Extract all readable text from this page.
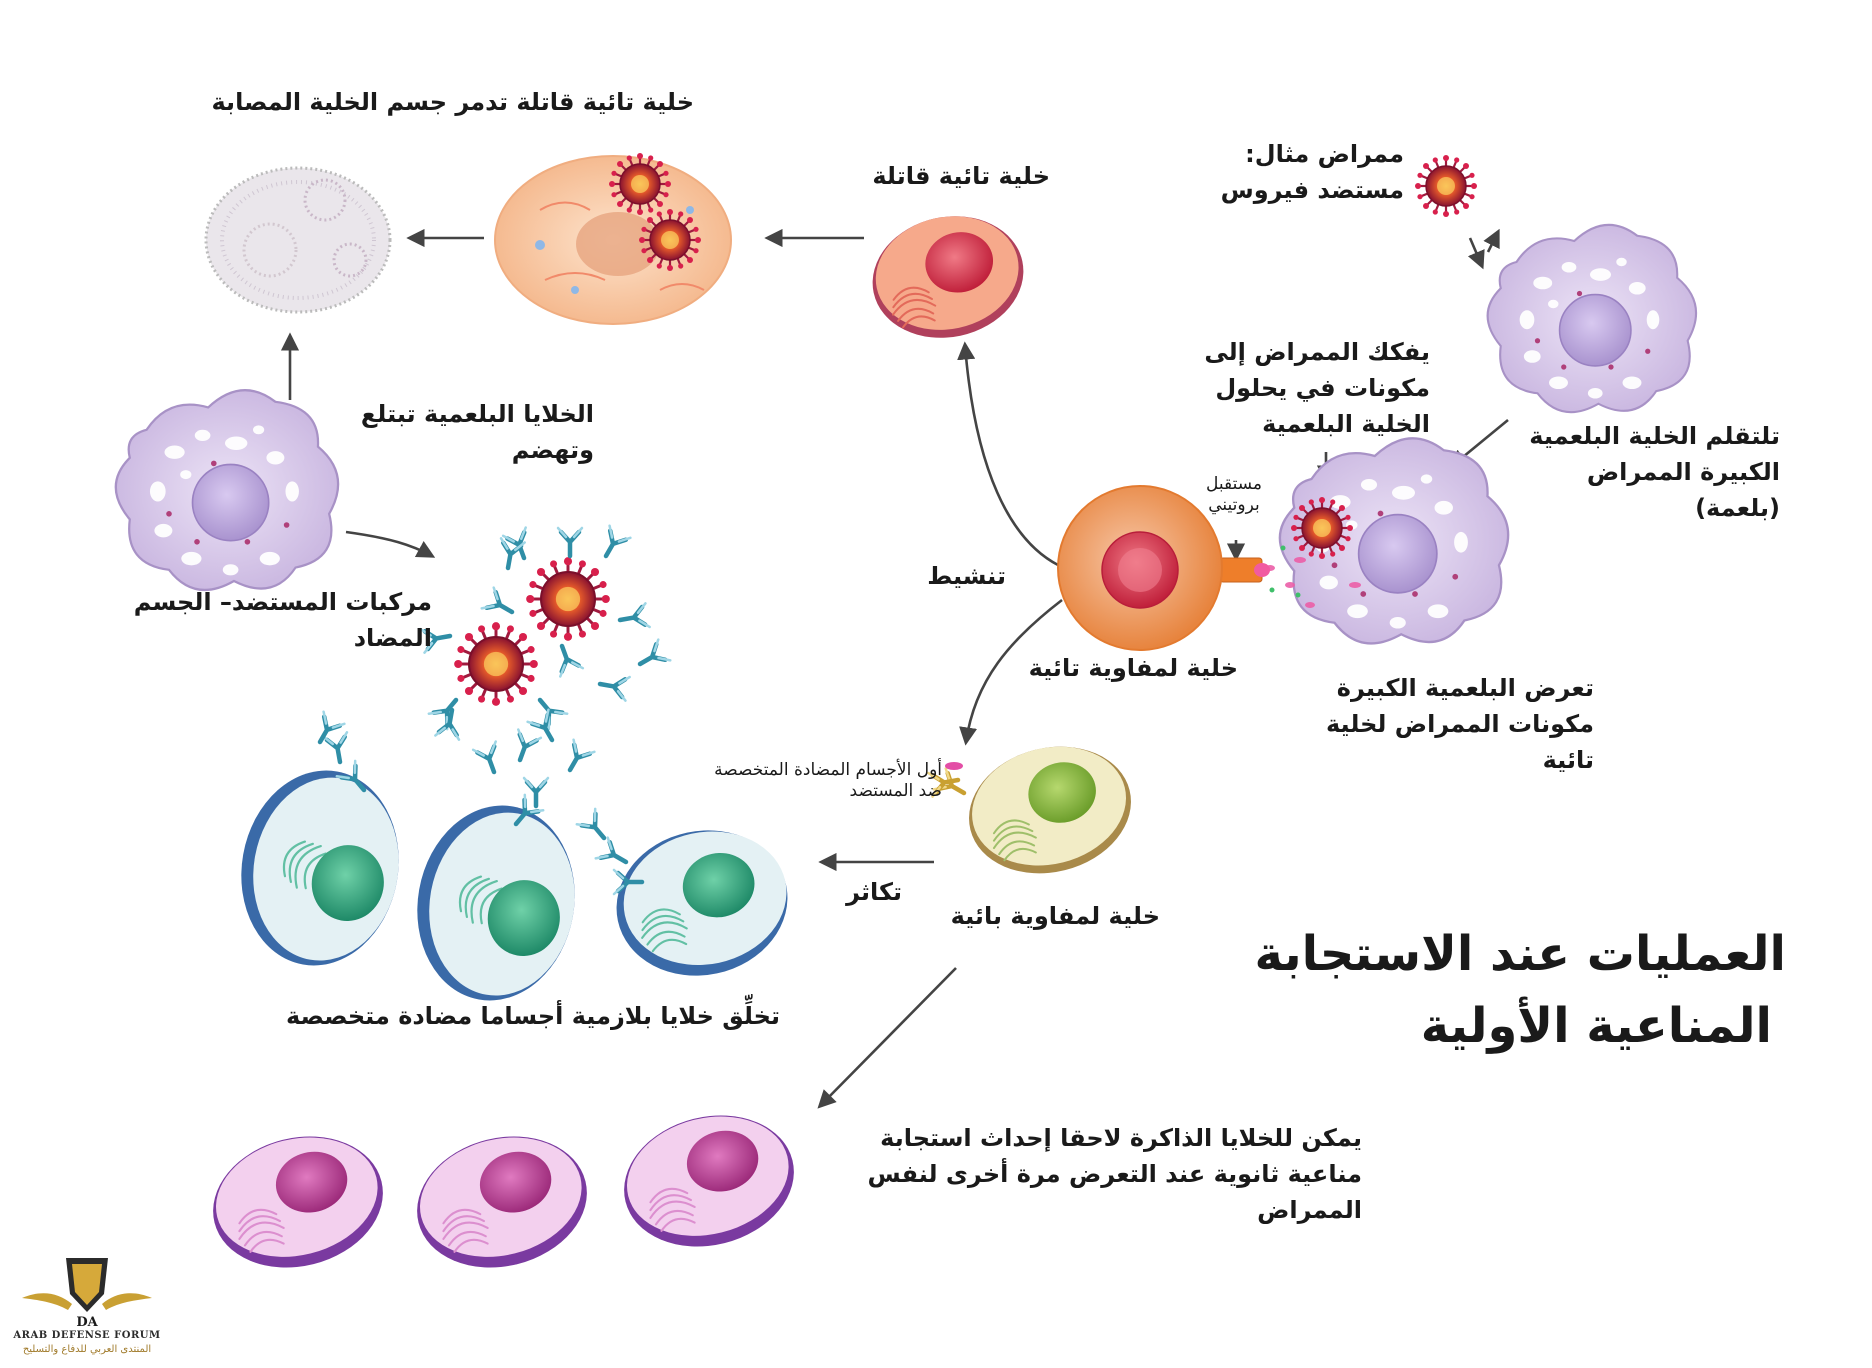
ممراض مثال:
مستضد فيروس
تلتقلم الخلية البلعمية
الكبيرة الممراض
(بلعمة)
يفكك الممراض إلى
مكونات في يحلول
الخلية البلعمية
مستقبل
بروتيني
تعرض البلعمية الكبيرة
مكونات الممراض لخلية
تائية
خلية لمفاوية تائية
تنشيط
خلية تائية قاتلة
خلية تائية قاتلة تدمر جسم الخلية المصابة
الخلايا البلعمية تبتلع
وتهضم
مركبات المستضد– الجسم
المضاد
أول الأجسام المضادة المتخصصة
ضد المستضد
خلية لمفاوية بائية
تكاثر
تخلِّق خلايا بلازمية أجساما مضادة متخصصة
يمكن للخلايا الذاكرة لاحقا إحداث استجابة
مناعية ثانوية عند التعرض مرة أخرى لنفس
الممراض
العمليات عند الاستجابة
المناعية الأولية
DA
ARAB DEFENSE FORUM
المنتدى العربي للدفاع والتسليح
